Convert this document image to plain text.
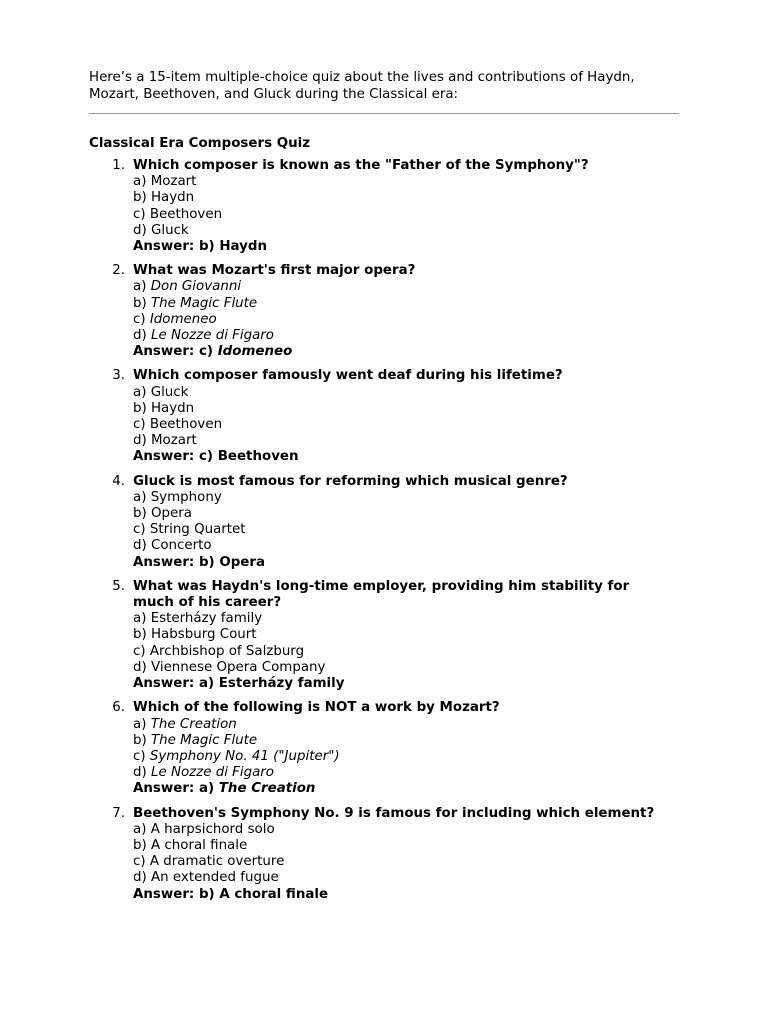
Here’s a 15-item multiple-choice quiz about the lives and contributions of Haydn, Mozart, Beethoven, and Gluck during the Classical era:

Classical Era Composers Quiz
1. Which composer is known as the "Father of the Symphony"?
a) Mozart
b) Haydn
c) Beethoven
d) Gluck
Answer: b) Haydn
2. What was Mozart's first major opera?
a) Don Giovanni
b) The Magic Flute
c) Idomeneo
d) Le Nozze di Figaro
Answer: c) Idomeneo
3. Which composer famously went deaf during his lifetime?
a) Gluck
b) Haydn
c) Beethoven
d) Mozart
Answer: c) Beethoven
4. Gluck is most famous for reforming which musical genre?
a) Symphony
b) Opera
c) String Quartet
d) Concerto
Answer: b) Opera
5. What was Haydn's long-time employer, providing him stability for much of his career?
a) Esterházy family
b) Habsburg Court
c) Archbishop of Salzburg
d) Viennese Opera Company
Answer: a) Esterházy family
6. Which of the following is NOT a work by Mozart?
a) The Creation
b) The Magic Flute
c) Symphony No. 41 ("Jupiter")
d) Le Nozze di Figaro
Answer: a) The Creation
7. Beethoven's Symphony No. 9 is famous for including which element?
a) A harpsichord solo
b) A choral finale
c) A dramatic overture
d) An extended fugue
Answer: b) A choral finale
